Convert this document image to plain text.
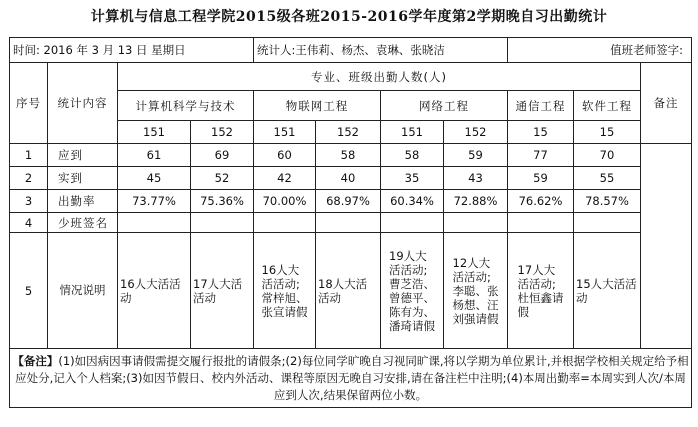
计算机与信息工程学院2015级各班2015-2016学年度第2学期晚自习出勤统计
时间: 2016 年 3 月 13 日 星期日				统计人:王伟莉、杨杰、袁琳、张晓洁				值班老师签字:		
序号	统计内容	专业、班级出勤人数(人)								备注
		计算机科学与技术		物联网工程		网络工程		通信工程	软件工程	
		151	152	151	152	151	152	15	15	
1	应到	61	69	60	58	58	59	77	70	
2	实到	45	52	42	40	35	43	59	55	
3	出勤率	73.77%	75.36%	70.00%	68.97%	60.34%	72.88%	76.62%	78.57%	
4	少班签名									
5	情况说明	16人大活活动	17人大活活动	16人大活活动;常梓旭、张宣请假	18人大活活动	19人大活活动;曹芝浩、曾德平、陈有为、潘琦请假	12人大活活动;李聪、张杨想、汪刘强请假	17人大活活动;杜恒鑫请假	15人大活活动	
【备注】(1)如因病因事请假需提交履行报批的请假条;(2)每位同学旷晚自习视同旷课,将以学期为单位累计,并根据学校相关规定给予相应处分,记入个人档案;(3)如因节假日、校内外活动、课程等原因无晚自习安排,请在备注栏中注明;(4)本周出勤率=本周实到人次/本周应到人次,结果保留两位小数。										
